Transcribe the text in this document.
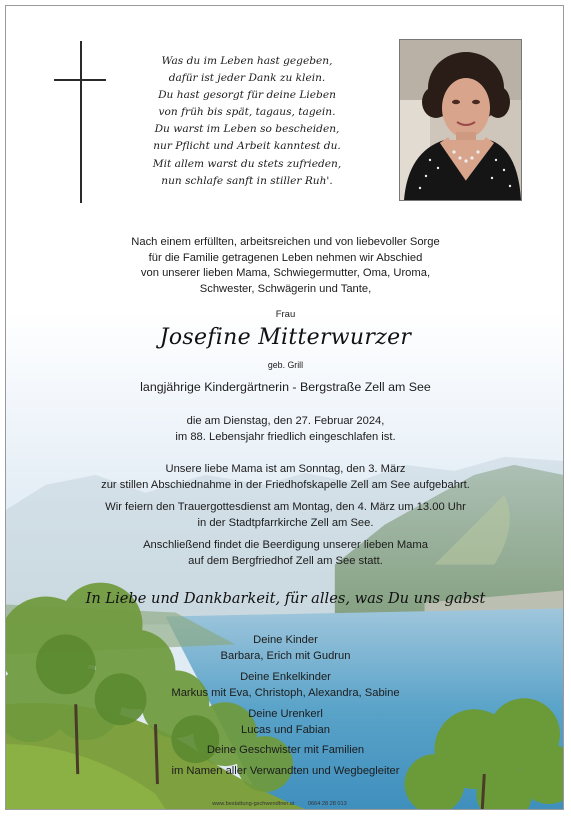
Was du im Leben hast gegeben,
dafür ist jeder Dank zu klein.
Du hast gesorgt für deine Lieben
von früh bis spät, tagaus, tagein.
Du warst im Leben so bescheiden,
nur Pflicht und Arbeit kanntest du.
Mit allem warst du stets zufrieden,
nun schlafe sanft in stiller Ruh'.
Nach einem erfüllten, arbeitsreichen und von liebevoller Sorge
für die Familie getragenen Leben nehmen wir Abschied
von unserer lieben Mama, Schwiegermutter, Oma, Uroma,
Schwester, Schwägerin und Tante,
Frau
Josefine Mitterwurzer
geb. Grill
langjährige Kindergärtnerin - Bergstraße Zell am See
die am Dienstag, den 27. Februar 2024,
im 88. Lebensjahr friedlich eingeschlafen ist.
Unsere liebe Mama ist am Sonntag, den 3. März
zur stillen Abschiednahme in der Friedhofskapelle Zell am See aufgebahrt.
Wir feiern den Trauergottesdienst am Montag, den 4. März um 13.00 Uhr
in der Stadtpfarrkirche Zell am See.
Anschließend findet die Beerdigung unserer lieben Mama
auf dem Bergfriedhof Zell am See statt.
In Liebe und Dankbarkeit, für alles, was Du uns gabst
Deine Kinder
Barbara, Erich mit Gudrun
Deine Enkelkinder
Markus mit Eva, Christoph, Alexandra, Sabine
Deine Urenkerl
Lucas und Fabian
Deine Geschwister mit Familien
im Namen aller Verwandten und Wegbegleiter
www.bestattung-gschwendtner.at 0664 28 28 013
